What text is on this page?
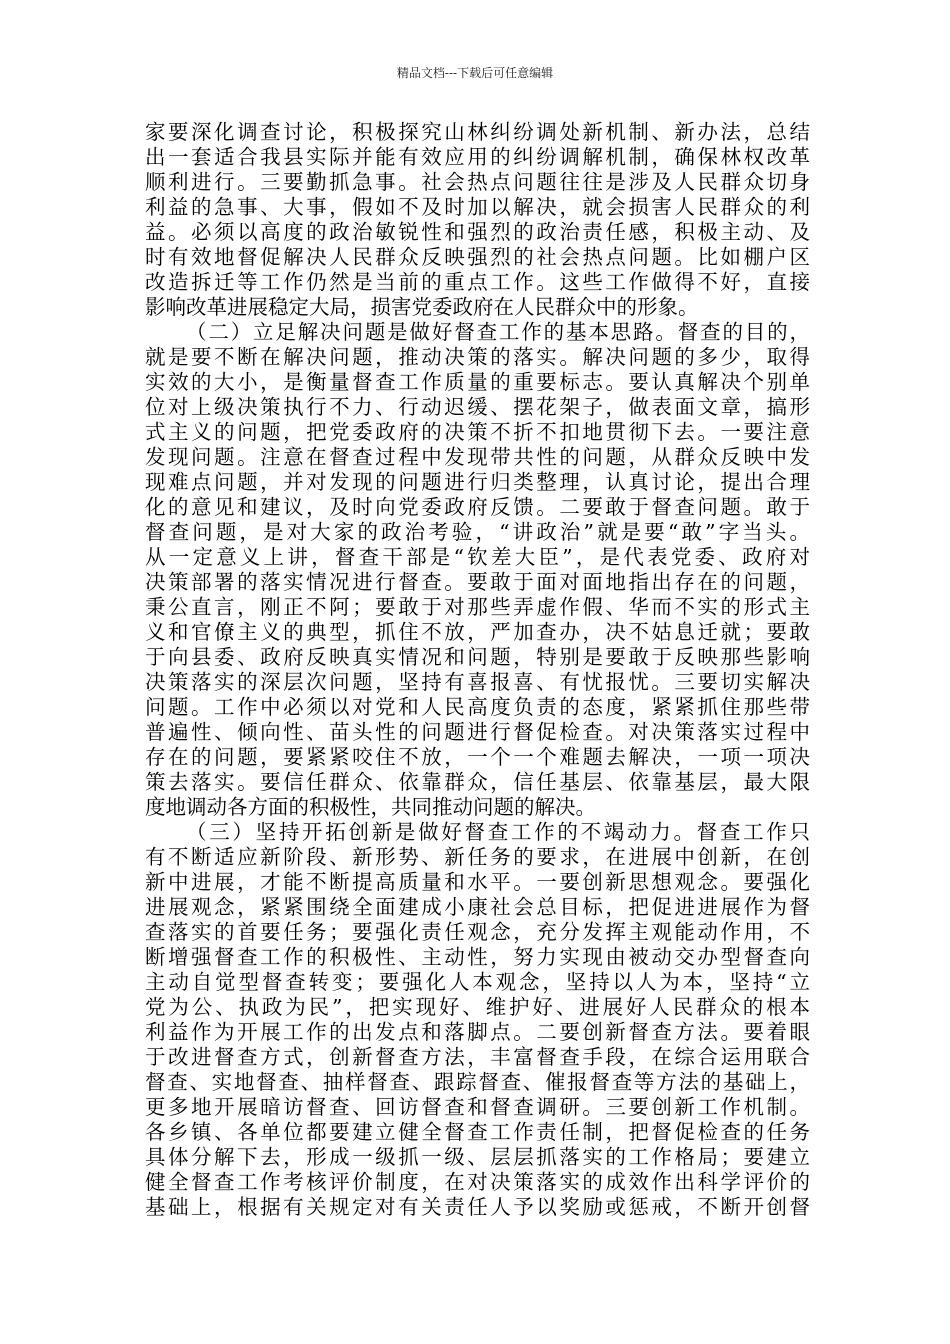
精品文档---下载后可任意编辑
家要深化调查讨论，积极探究山林纠纷调处新机制、新办法，总结
出一套适合我县实际并能有效应用的纠纷调解机制，确保林权改革
顺利进行。三要勤抓急事。社会热点问题往往是涉及人民群众切身
利益的急事、大事，假如不及时加以解决，就会损害人民群众的利
益。必须以高度的政治敏锐性和强烈的政治责任感，积极主动、及
时有效地督促解决人民群众反映强烈的社会热点问题。比如棚户区
改造拆迁等工作仍然是当前的重点工作。这些工作做得不好，直接
影响改革进展稳定大局，损害党委政府在人民群众中的形象。
（二）立足解决问题是做好督查工作的基本思路。督查的目的，
就是要不断在解决问题，推动决策的落实。解决问题的多少，取得
实效的大小，是衡量督查工作质量的重要标志。要认真解决个别单
位对上级决策执行不力、行动迟缓、摆花架子，做表面文章，搞形
式主义的问题，把党委政府的决策不折不扣地贯彻下去。一要注意
发现问题。注意在督查过程中发现带共性的问题，从群众反映中发
现难点问题，并对发现的问题进行归类整理，认真讨论，提出合理
化的意见和建议，及时向党委政府反馈。二要敢于督查问题。敢于
督查问题，是对大家的政治考验，“讲政治”就是要“敢”字当头。
从一定意义上讲，督查干部是“钦差大臣”，是代表党委、政府对
决策部署的落实情况进行督查。要敢于面对面地指出存在的问题，
秉公直言，刚正不阿；要敢于对那些弄虚作假、华而不实的形式主
义和官僚主义的典型，抓住不放，严加查办，决不姑息迁就；要敢
于向县委、政府反映真实情况和问题，特别是要敢于反映那些影响
决策落实的深层次问题，坚持有喜报喜、有忧报忧。三要切实解决
问题。工作中必须以对党和人民高度负责的态度，紧紧抓住那些带
普遍性、倾向性、苗头性的问题进行督促检查。对决策落实过程中
存在的问题，要紧紧咬住不放，一个一个难题去解决，一项一项决
策去落实。要信任群众、依靠群众，信任基层、依靠基层，最大限
度地调动各方面的积极性，共同推动问题的解决。
（三）坚持开拓创新是做好督查工作的不竭动力。督查工作只
有不断适应新阶段、新形势、新任务的要求，在进展中创新，在创
新中进展，才能不断提高质量和水平。一要创新思想观念。要强化
进展观念，紧紧围绕全面建成小康社会总目标，把促进进展作为督
查落实的首要任务；要强化责任观念，充分发挥主观能动作用，不
断增强督查工作的积极性、主动性，努力实现由被动交办型督查向
主动自觉型督查转变；要强化人本观念，坚持以人为本，坚持“立
党为公、执政为民”，把实现好、维护好、进展好人民群众的根本
利益作为开展工作的出发点和落脚点。二要创新督查方法。要着眼
于改进督查方式，创新督查方法，丰富督查手段，在综合运用联合
督查、实地督查、抽样督查、跟踪督查、催报督查等方法的基础上，
更多地开展暗访督查、回访督查和督查调研。三要创新工作机制。
各乡镇、各单位都要建立健全督查工作责任制，把督促检查的任务
具体分解下去，形成一级抓一级、层层抓落实的工作格局；要建立
健全督查工作考核评价制度，在对决策落实的成效作出科学评价的
基础上，根据有关规定对有关责任人予以奖励或惩戒，不断开创督
